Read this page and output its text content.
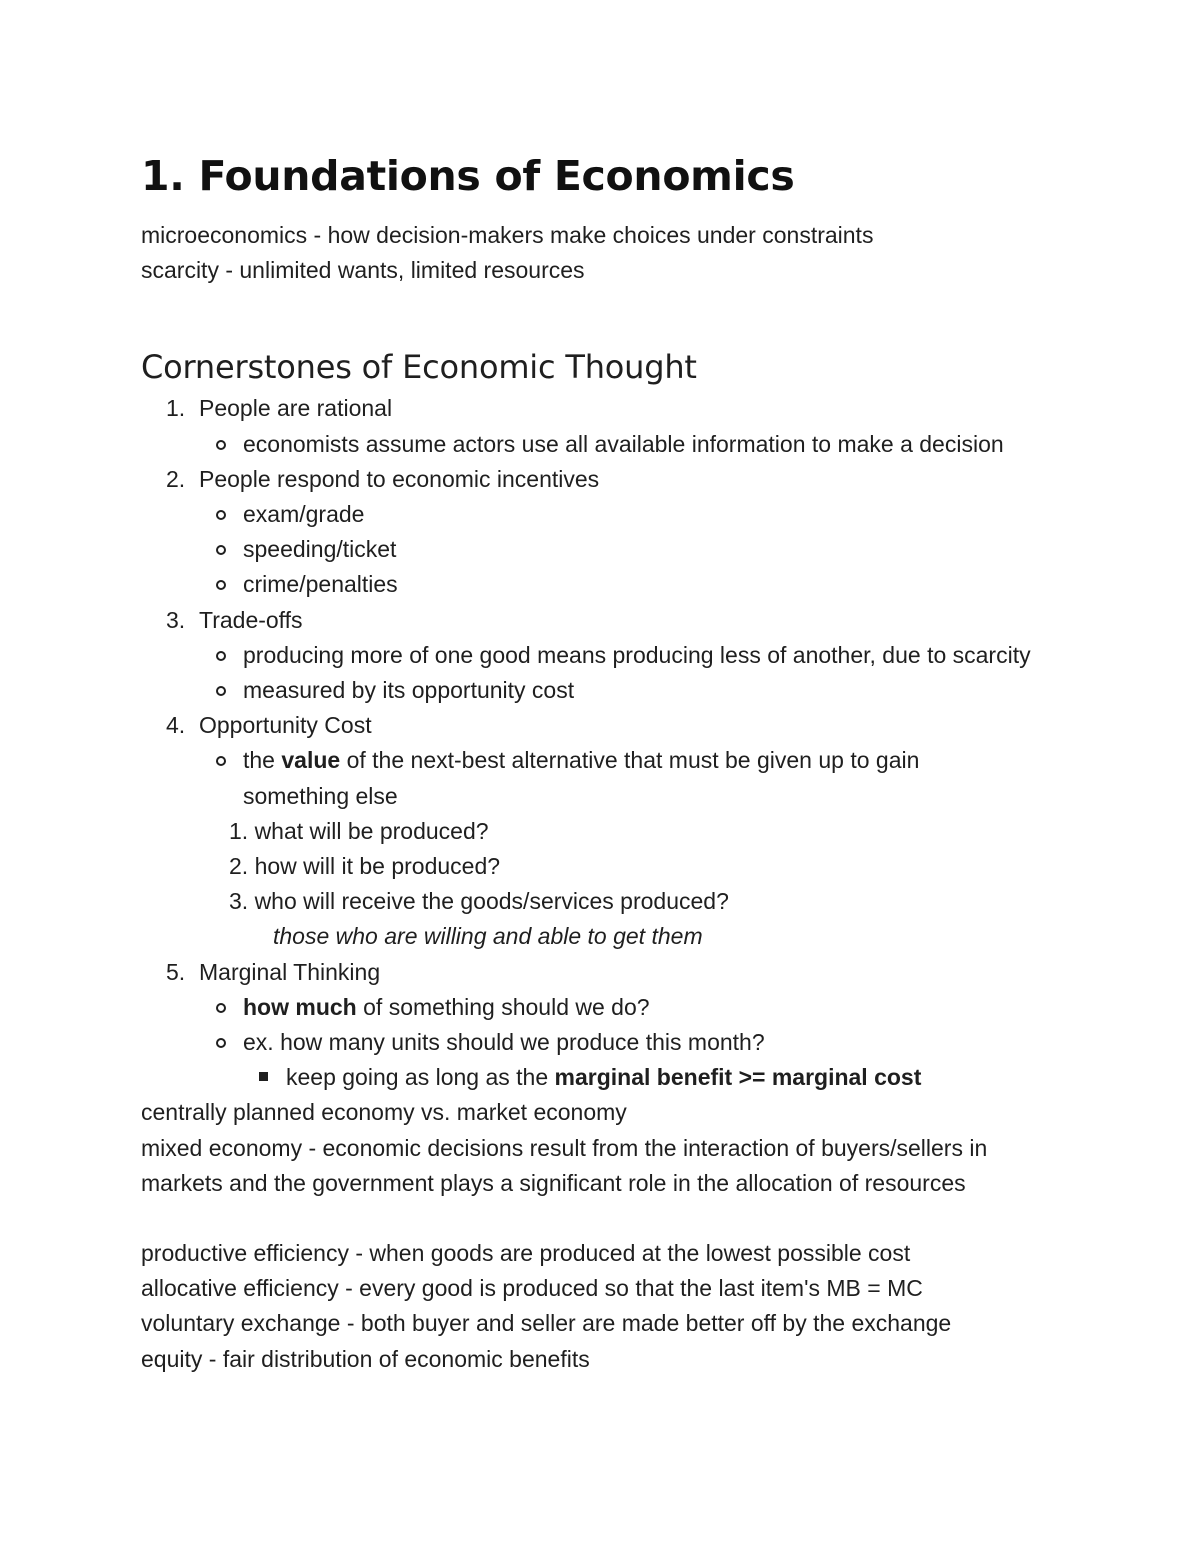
1. Foundations of Economics
microeconomics - how decision-makers make choices under constraints
scarcity - unlimited wants, limited resources
Cornerstones of Economic Thought
1. People are rational
economists assume actors use all available information to make a decision
2. People respond to economic incentives
exam/grade
speeding/ticket
crime/penalties
3. Trade-offs
producing more of one good means producing less of another, due to scarcity
measured by its opportunity cost
4. Opportunity Cost
the value of the next-best alternative that must be given up to gain something else
1. what will be produced?
2. how will it be produced?
3. who will receive the goods/services produced?
those who are willing and able to get them
5. Marginal Thinking
how much of something should we do?
ex. how many units should we produce this month?
keep going as long as the marginal benefit >= marginal cost
centrally planned economy vs. market economy
mixed economy - economic decisions result from the interaction of buyers/sellers in
markets and the government plays a significant role in the allocation of resources
productive efficiency - when goods are produced at the lowest possible cost
allocative efficiency - every good is produced so that the last item's MB = MC
voluntary exchange - both buyer and seller are made better off by the exchange
equity - fair distribution of economic benefits
